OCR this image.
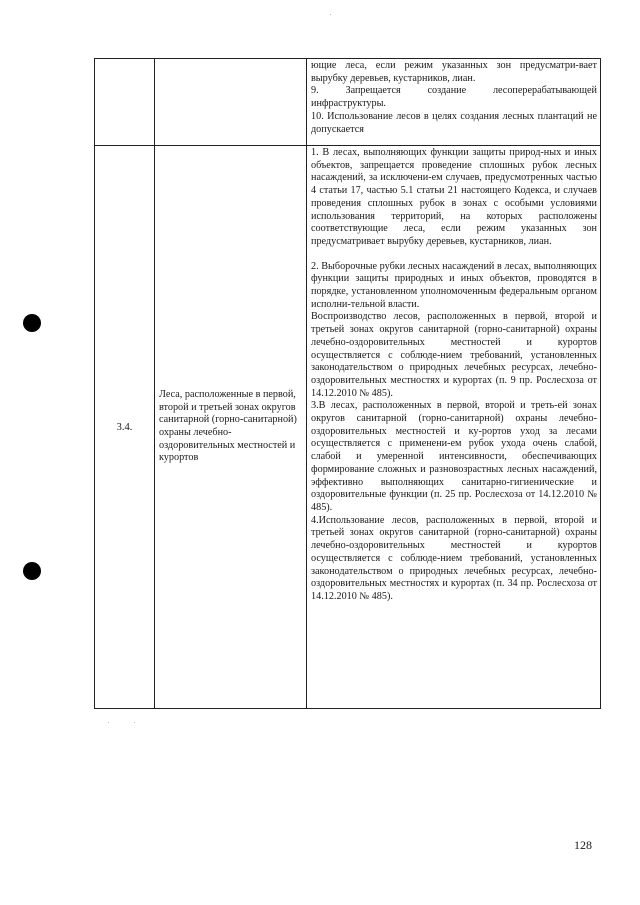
		ющие леса, если режим указанных зон предусматри-вает вырубку деревьев, кустарников, лиан.

9. Запрещается создание лесоперерабатывающей инфраструктуры.

10. Использование лесов в целях создания лесных плантаций не допускается

3.4.	Леса, расположенные в первой, второй и третьей зонах округов санитарной (горно-санитарной) охраны лечебно-оздоровительных местностей и курортов	1. В лесах, выполняющих функции защиты природ-ных и иных объектов, запрещается проведение сплошных рубок лесных насаждений, за исключени-ем случаев, предусмотренных частью 4 статьи 17, частью 5.1 статьи 21 настоящего Кодекса, и случаев проведения сплошных рубок в зонах с особыми условиями использования территорий, на которых расположены соответствующие леса, если режим указанных зон предусматривает вырубку деревьев, кустарников, лиан.

2. Выборочные рубки лесных насаждений в лесах, выполняющих функции защиты природных и иных объектов, проводятся в порядке, установленном уполномоченным федеральным органом исполни-тельной власти.

Воспроизводство лесов, расположенных в первой, второй и третьей зонах округов санитарной (горно-санитарной) охраны лечебно-оздоровительных местностей и курортов осуществляется с соблюде-нием требований, установленных законодательством о природных лечебных ресурсах, лечебно-оздоровительных местностях и курортах (п. 9 пр. Рослесхоза от 14.12.2010 № 485).

3.В лесах, расположенных в первой, второй и треть-ей зонах округов санитарной (горно-санитарной) охраны лечебно-оздоровительных местностей и ку-рортов уход за лесами осуществляется с применени-ем рубок ухода очень слабой, слабой и умеренной интенсивности, обеспечивающих формирование сложных и разновозрастных лесных насаждений, эффективно выполняющих санитарно-гигиенические и оздоровительные функции (п. 25 пр. Рослесхоза от 14.12.2010 № 485).

4.Использование лесов, расположенных в первой, второй и третьей зонах округов санитарной (горно-санитарной) охраны лечебно-оздоровительных местностей и курортов осуществляется с соблюде-нием требований, установленных законодательством о природных лечебных ресурсах, лечебно-оздоровительных местностях и курортах (п. 34 пр. Рослесхоза от 14.12.2010 № 485).

128
